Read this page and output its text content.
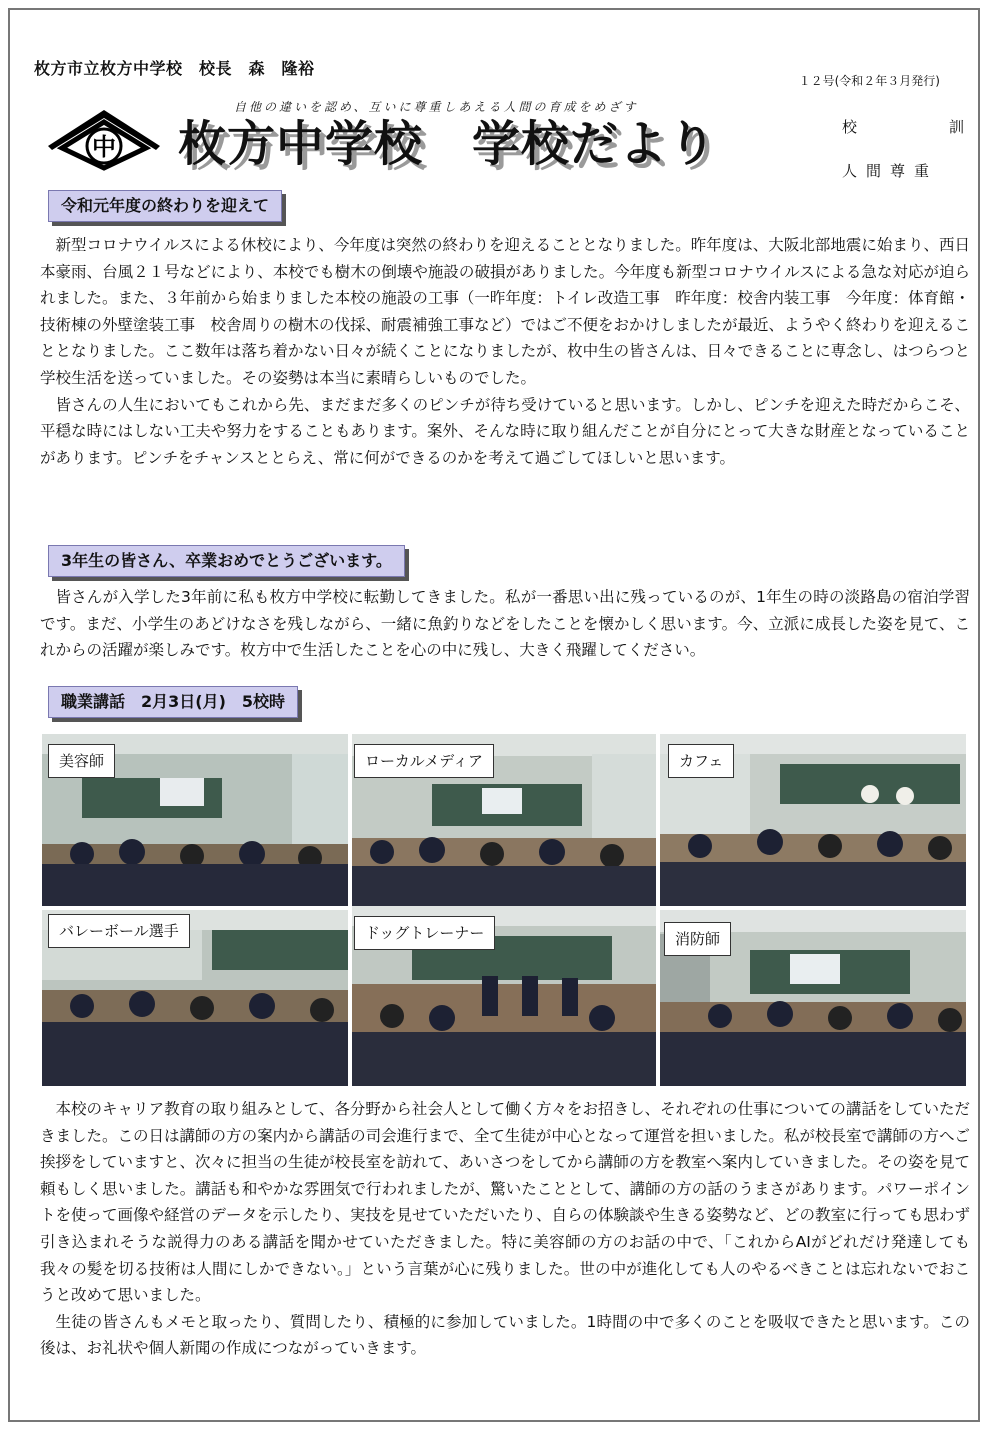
枚方市立枚方中学校　校長　森　隆裕
１２号(令和２年３月発行)
自他の違いを認め、互いに尊重しあえる人間の育成をめざす
中 枚方中学校　学校だより	校	訓
人間尊重
令和元年度の終わりを迎えて

新型コロナウイルスによる休校により、今年度は突然の終わりを迎えることとなりました。昨年度は、大阪北部地震に始まり、西日本豪雨、台風２１号などにより、本校でも樹木の倒壊や施設の破損がありました。今年度も新型コロナウイルスによる急な対応が迫られました。また、３年前から始まりました本校の施設の工事（一昨年度：トイレ改造工事　昨年度：校舎内装工事　今年度：体育館・技術棟の外壁塗装工事　校舎周りの樹木の伐採、耐震補強工事など）ではご不便をおかけしましたが最近、ようやく終わりを迎えることとなりました。ここ数年は落ち着かない日々が続くことになりましたが、枚中生の皆さんは、日々できることに専念し、はつらつと学校生活を送っていました。その姿勢は本当に素晴らしいものでした。

皆さんの人生においてもこれから先、まだまだ多くのピンチが待ち受けていると思います。しかし、ピンチを迎えた時だからこそ、平穏な時にはしない工夫や努力をすることもあります。案外、そんな時に取り組んだことが自分にとって大きな財産となっていることがあります。ピンチをチャンスととらえ、常に何ができるのかを考えて過ごしてほしいと思います。

3年生の皆さん、卒業おめでとうございます。

皆さんが入学した3年前に私も枚方中学校に転勤してきました。私が一番思い出に残っているのが、1年生の時の淡路島の宿泊学習です。まだ、小学生のあどけなさを残しながら、一緒に魚釣りなどをしたことを懐かしく思います。今、立派に成長した姿を見て、これからの活躍が楽しみです。枚方中で生活したことを心の中に残し、大きく飛躍してください。

職業講話　2月3日(月)　5校時
美容師	ローカルメディア	カフェ
バレーボール選手	ドッグトレーナー	消防師

本校のキャリア教育の取り組みとして、各分野から社会人として働く方々をお招きし、それぞれの仕事についての講話をしていただきました。この日は講師の方の案内から講話の司会進行まで、全て生徒が中心となって運営を担いました。私が校長室で講師の方へご挨拶をしていますと、次々に担当の生徒が校長室を訪れて、あいさつをしてから講師の方を教室へ案内していきました。その姿を見て頼もしく思いました。講話も和やかな雰囲気で行われましたが、驚いたこととして、講師の方の話のうまさがあります。パワーポイントを使って画像や経営のデータを示したり、実技を見せていただいたり、自らの体験談や生きる姿勢など、どの教室に行っても思わず引き込まれそうな説得力のある講話を聞かせていただきました。特に美容師の方のお話の中で、「これからAIがどれだけ発達しても我々の髪を切る技術は人間にしかできない。」という言葉が心に残りました。世の中が進化しても人のやるべきことは忘れないでおこうと改めて思いました。

生徒の皆さんもメモと取ったり、質問したり、積極的に参加していました。1時間の中で多くのことを吸収できたと思います。この後は、お礼状や個人新聞の作成につながっていきます。
